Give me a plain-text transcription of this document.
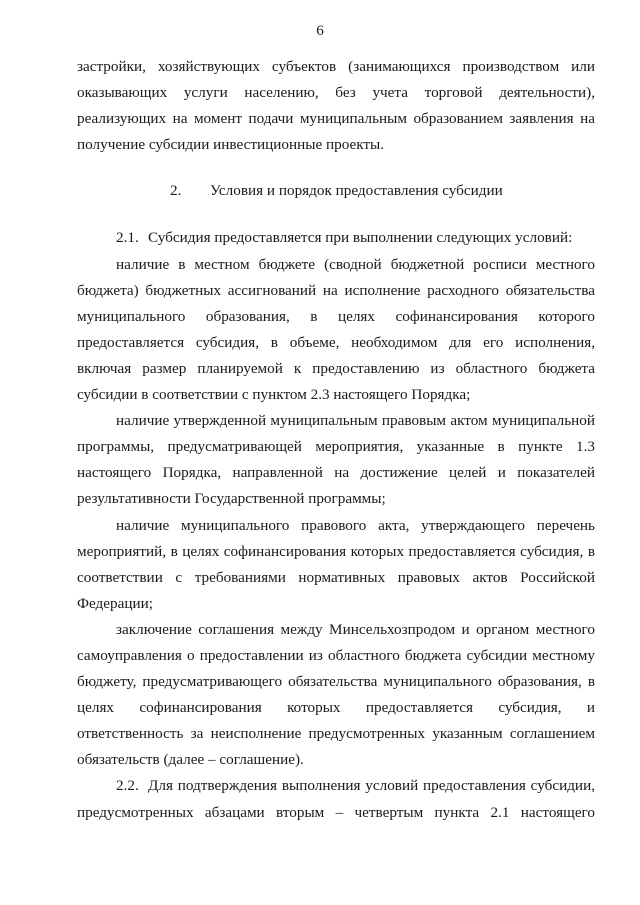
6

застройки, хозяйствующих субъектов (занимающихся производством или оказывающих услуги населению, без учета торговой деятельности), реализующих на момент подачи муниципальным образованием заявления на получение субсидии инвестиционные проекты.

2. Условия и порядок предоставления субсидии

2.1. Субсидия предоставляется при выполнении следующих условий:

наличие в местном бюджете (сводной бюджетной росписи местного бюджета) бюджетных ассигнований на исполнение расходного обязательства муниципального образования, в целях софинансирования которого предоставляется субсидия, в объеме, необходимом для его исполнения, включая размер планируемой к предоставлению из областного бюджета субсидии в соответствии с пунктом 2.3 настоящего Порядка;

наличие утвержденной муниципальным правовым актом муниципальной программы, предусматривающей мероприятия, указанные в пункте 1.3 настоящего Порядка, направленной на достижение целей и показателей результативности Государственной программы;

наличие муниципального правового акта, утверждающего перечень мероприятий, в целях софинансирования которых предоставляется субсидия, в соответствии с требованиями нормативных правовых актов Российской Федерации;

заключение соглашения между Минсельхозпродом и органом местного самоуправления о предоставлении из областного бюджета субсидии местному бюджету, предусматривающего обязательства муниципального образования, в целях софинансирования которых предоставляется субсидия, и ответственность за неисполнение предусмотренных указанным соглашением обязательств (далее – соглашение).

2.2. Для подтверждения выполнения условий предоставления субсидии, предусмотренных абзацами вторым – четвертым пункта 2.1 настоящего
